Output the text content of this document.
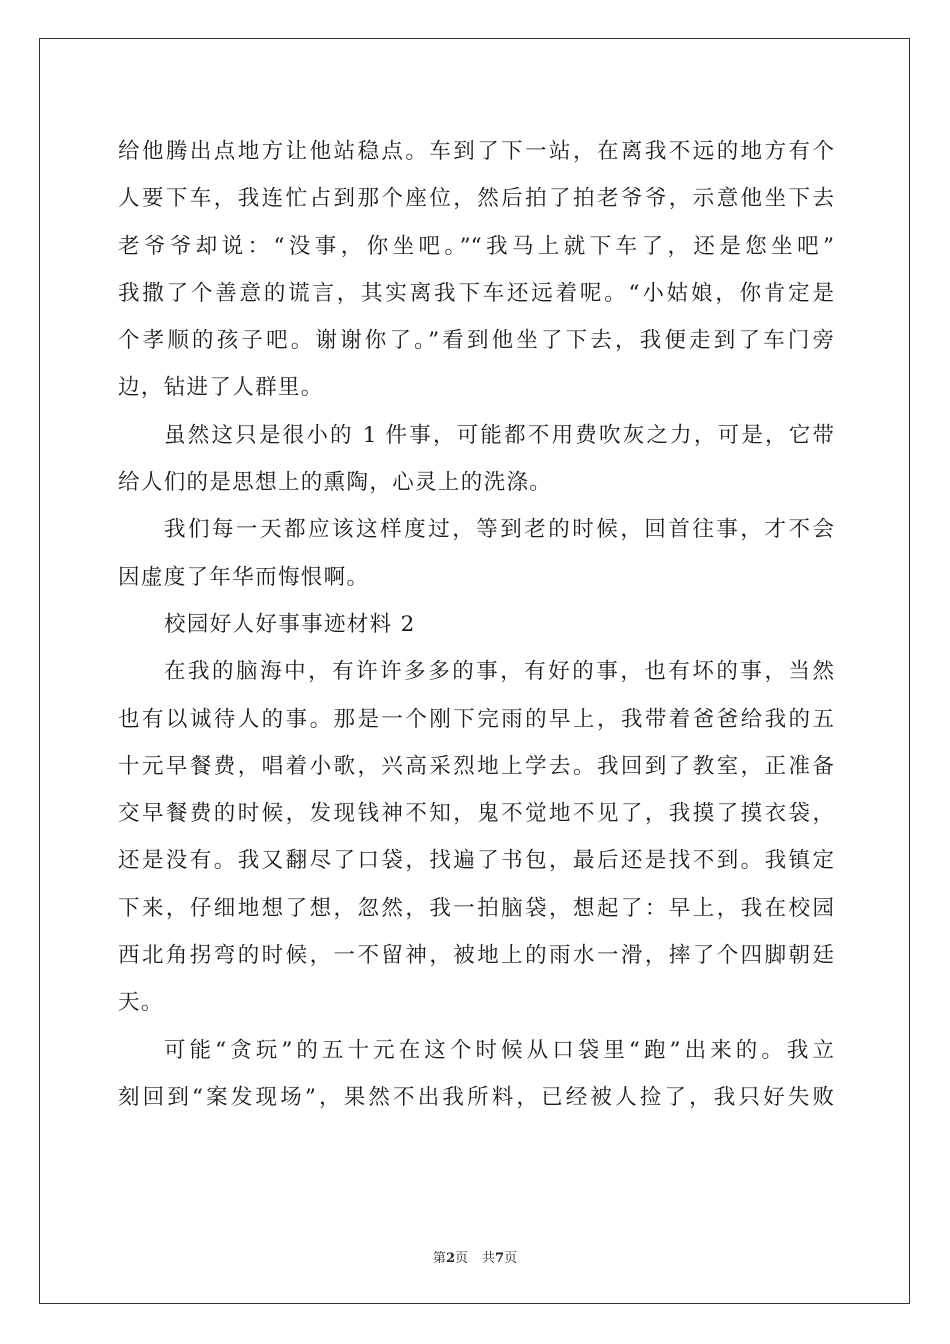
给他腾出点地方让他站稳点。车到了下一站，在离我不远的地方有个
人要下车，我连忙占到那个座位，然后拍了拍老爷爷，示意他坐下去
老爷爷却说：“没事，你坐吧。”“我马上就下车了，还是您坐吧”
我撒了个善意的谎言，其实离我下车还远着呢。“小姑娘，你肯定是
个孝顺的孩子吧。谢谢你了。”看到他坐了下去，我便走到了车门旁
边，钻进了人群里。
虽然这只是很小的 1 件事，可能都不用费吹灰之力，可是，它带
给人们的是思想上的熏陶，心灵上的洗涤。
我们每一天都应该这样度过，等到老的时候，回首往事，才不会
因虚度了年华而悔恨啊。
校园好人好事事迹材料 2
在我的脑海中，有许许多多的事，有好的事，也有坏的事，当然
也有以诚待人的事。那是一个刚下完雨的早上，我带着爸爸给我的五
十元早餐费，唱着小歌，兴高采烈地上学去。我回到了教室，正准备
交早餐费的时候，发现钱神不知，鬼不觉地不见了，我摸了摸衣袋，
还是没有。我又翻尽了口袋，找遍了书包，最后还是找不到。我镇定
下来，仔细地想了想，忽然，我一拍脑袋，想起了：早上，我在校园
西北角拐弯的时候，一不留神，被地上的雨水一滑，摔了个四脚朝廷
天。
可能“贪玩”的五十元在这个时候从口袋里“跑”出来的。我立
刻回到“案发现场”，果然不出我所料，已经被人捡了，我只好失败
第2页 共7页
